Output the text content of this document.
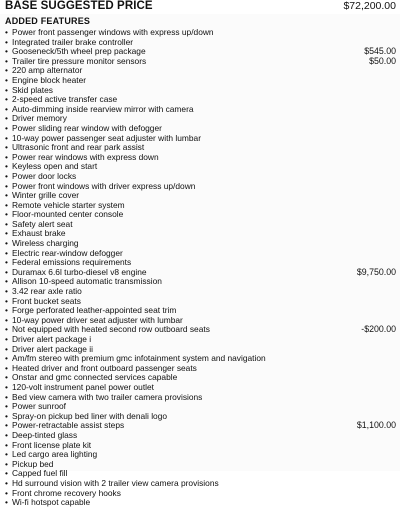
BASE SUGGESTED PRICE	$72,200.00
ADDED FEATURES
• Power front passenger windows with express up/down
• Integrated trailer brake controller
• Gooseneck/5th wheel prep package	$545.00
• Trailer tire pressure monitor sensors	$50.00
• 220 amp alternator
• Engine block heater
• Skid plates
• 2-speed active transfer case
• Auto-dimming inside rearview mirror with camera
• Driver memory
• Power sliding rear window with defogger
• 10-way power passenger seat adjuster with lumbar
• Ultrasonic front and rear park assist
• Power rear windows with express down
• Keyless open and start
• Power door locks
• Power front windows with driver express up/down
• Winter grille cover
• Remote vehicle starter system
• Floor-mounted center console
• Safety alert seat
• Exhaust brake
• Wireless charging
• Electric rear-window defogger
• Federal emissions requirements
• Duramax 6.6l turbo-diesel v8 engine	$9,750.00
• Allison 10-speed automatic transmission
• 3.42 rear axle ratio
• Front bucket seats
• Forge perforated leather-appointed seat trim
• 10-way power driver seat adjuster with lumbar
• Not equipped with heated second row outboard seats	-$200.00
• Driver alert package i
• Driver alert package ii
• Am/fm stereo with premium gmc infotainment system and navigation
• Heated driver and front outboard passenger seats
• Onstar and gmc connected services capable
• 120-volt instrument panel power outlet
• Bed view camera with two trailer camera provisions
• Power sunroof
• Spray-on pickup bed liner with denali logo
• Power-retractable assist steps	$1,100.00
• Deep-tinted glass
• Front license plate kit
• Led cargo area lighting
• Pickup bed
• Capped fuel fill
• Hd surround vision with 2 trailer view camera provisions
• Front chrome recovery hooks
• Wi-fi hotspot capable
